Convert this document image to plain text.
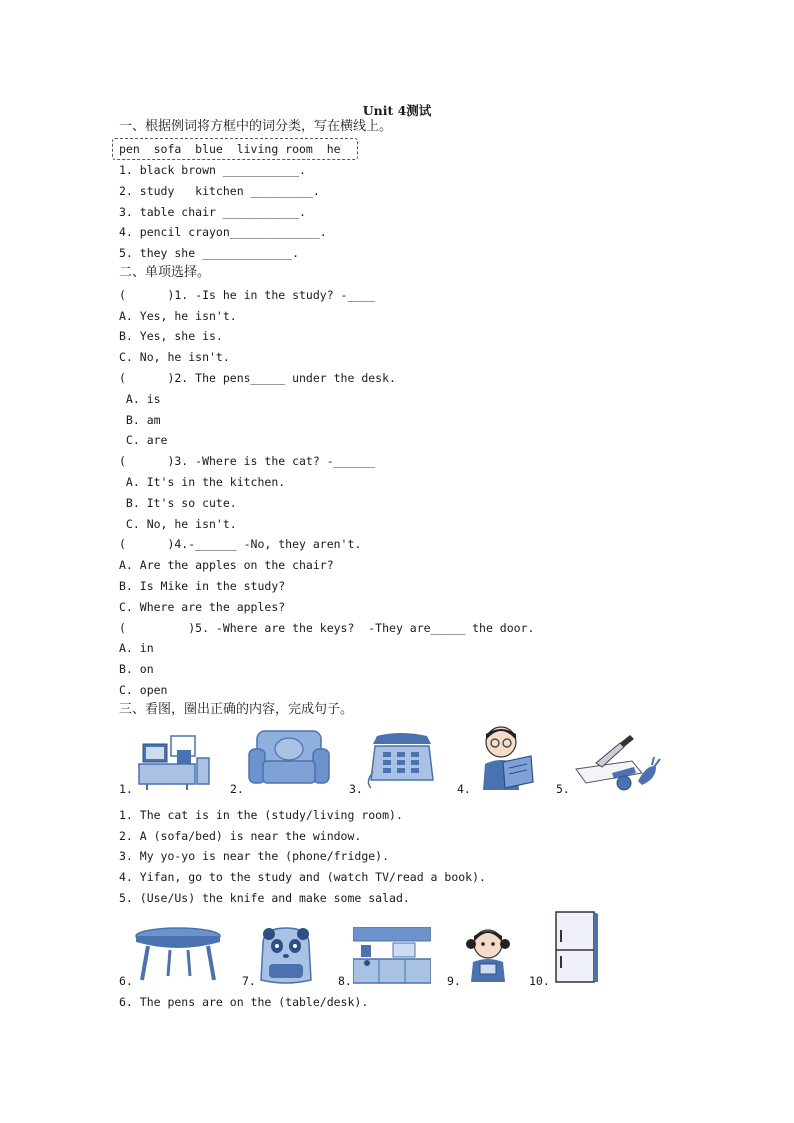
Unit 4测试
一、根据例词将方框中的词分类，写在横线上。
pen  sofa  blue  living room  he
1. black brown ___________.
2. study   kitchen _________.
3. table chair ___________.
4. pencil crayon_____________.
5. they she _____________.
二、单项选择。
(      )1. -Is he in the study? -____
A. Yes, he isn't.
B. Yes, she is.
C. No, he isn't.
(      )2. The pens_____ under the desk.
A. is
B. am
C. are
(      )3. -Where is the cat? -______
A. It's in the kitchen.
B. It's so cute.
C. No, he isn't.
(      )4.-______ -No, they aren't.
A. Are the apples on the chair?
B. Is Mike in the study?
C. Where are the apples?
(         )5. -Where are the keys?  -They are_____ the door.
A. in
B. on
C. open
三、看图，圈出正确的内容，完成句子。
1.	2.	3.	4.	5.
1. The cat is in the (study/living room).
2. A (sofa/bed) is near the window.
3. My yo-yo is near the (phone/fridge).
4. Yifan, go to the study and (watch TV/read a book).
5. (Use/Us) the knife and make some salad.
6.	7.	8.	9.	10.
6. The pens are on the (table/desk).
